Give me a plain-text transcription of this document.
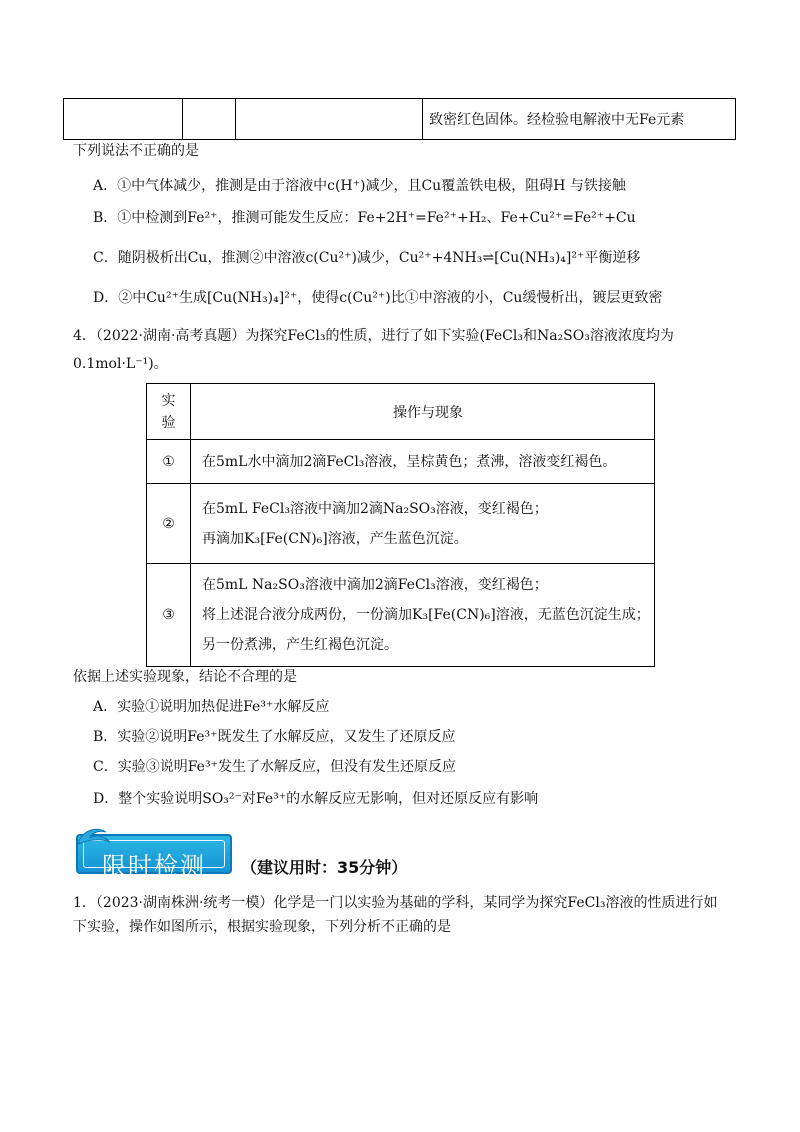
致密红色固体。经检验电解液中无Fe元素
下列说法不正确的是
A．①中气体减少，推测是由于溶液中c(H⁺)减少，且Cu覆盖铁电极，阻碍H 与铁接触
B．①中检测到Fe²⁺，推测可能发生反应：Fe+2H⁺=Fe²⁺+H₂、Fe+Cu²⁺=Fe²⁺+Cu
C．随阴极析出Cu，推测②中溶液c(Cu²⁺)减少，Cu²⁺+4NH₃⇌[Cu(NH₃)₄]²⁺平衡逆移
D．②中Cu²⁺生成[Cu(NH₃)₄]²⁺，使得c(Cu²⁺)比①中溶液的小，Cu缓慢析出，镀层更致密
4．（2022·湖南·高考真题）为探究FeCl₃的性质，进行了如下实验(FeCl₃和Na₂SO₃溶液浓度均为
0.1mol·L⁻¹)。
实
验	操作与现象
①	在5mL水中滴加2滴FeCl₃溶液，呈棕黄色；煮沸，溶液变红褐色。

②	在5mL FeCl₃溶液中滴加2滴Na₂SO₃溶液，变红褐色；
再滴加K₃[Fe(CN)₆]溶液，产生蓝色沉淀。

③	在5mL Na₂SO₃溶液中滴加2滴FeCl₃溶液，变红褐色；
将上述混合液分成两份，一份滴加K₃[Fe(CN)₆]溶液，无蓝色沉淀生成；
另一份煮沸，产生红褐色沉淀。
依据上述实验现象，结论不合理的是
A．实验①说明加热促进Fe³⁺水解反应
B．实验②说明Fe³⁺既发生了水解反应，又发生了还原反应
C．实验③说明Fe³⁺发生了水解反应，但没有发生还原反应
D．整个实验说明SO₃²⁻对Fe³⁺的水解反应无影响，但对还原反应有影响
限时检测	（建议用时：35分钟）
1．（2023·湖南株洲·统考一模）化学是一门以实验为基础的学科，某同学为探究FeCl₃溶液的性质进行如
下实验，操作如图所示，根据实验现象，下列分析不正确的是
